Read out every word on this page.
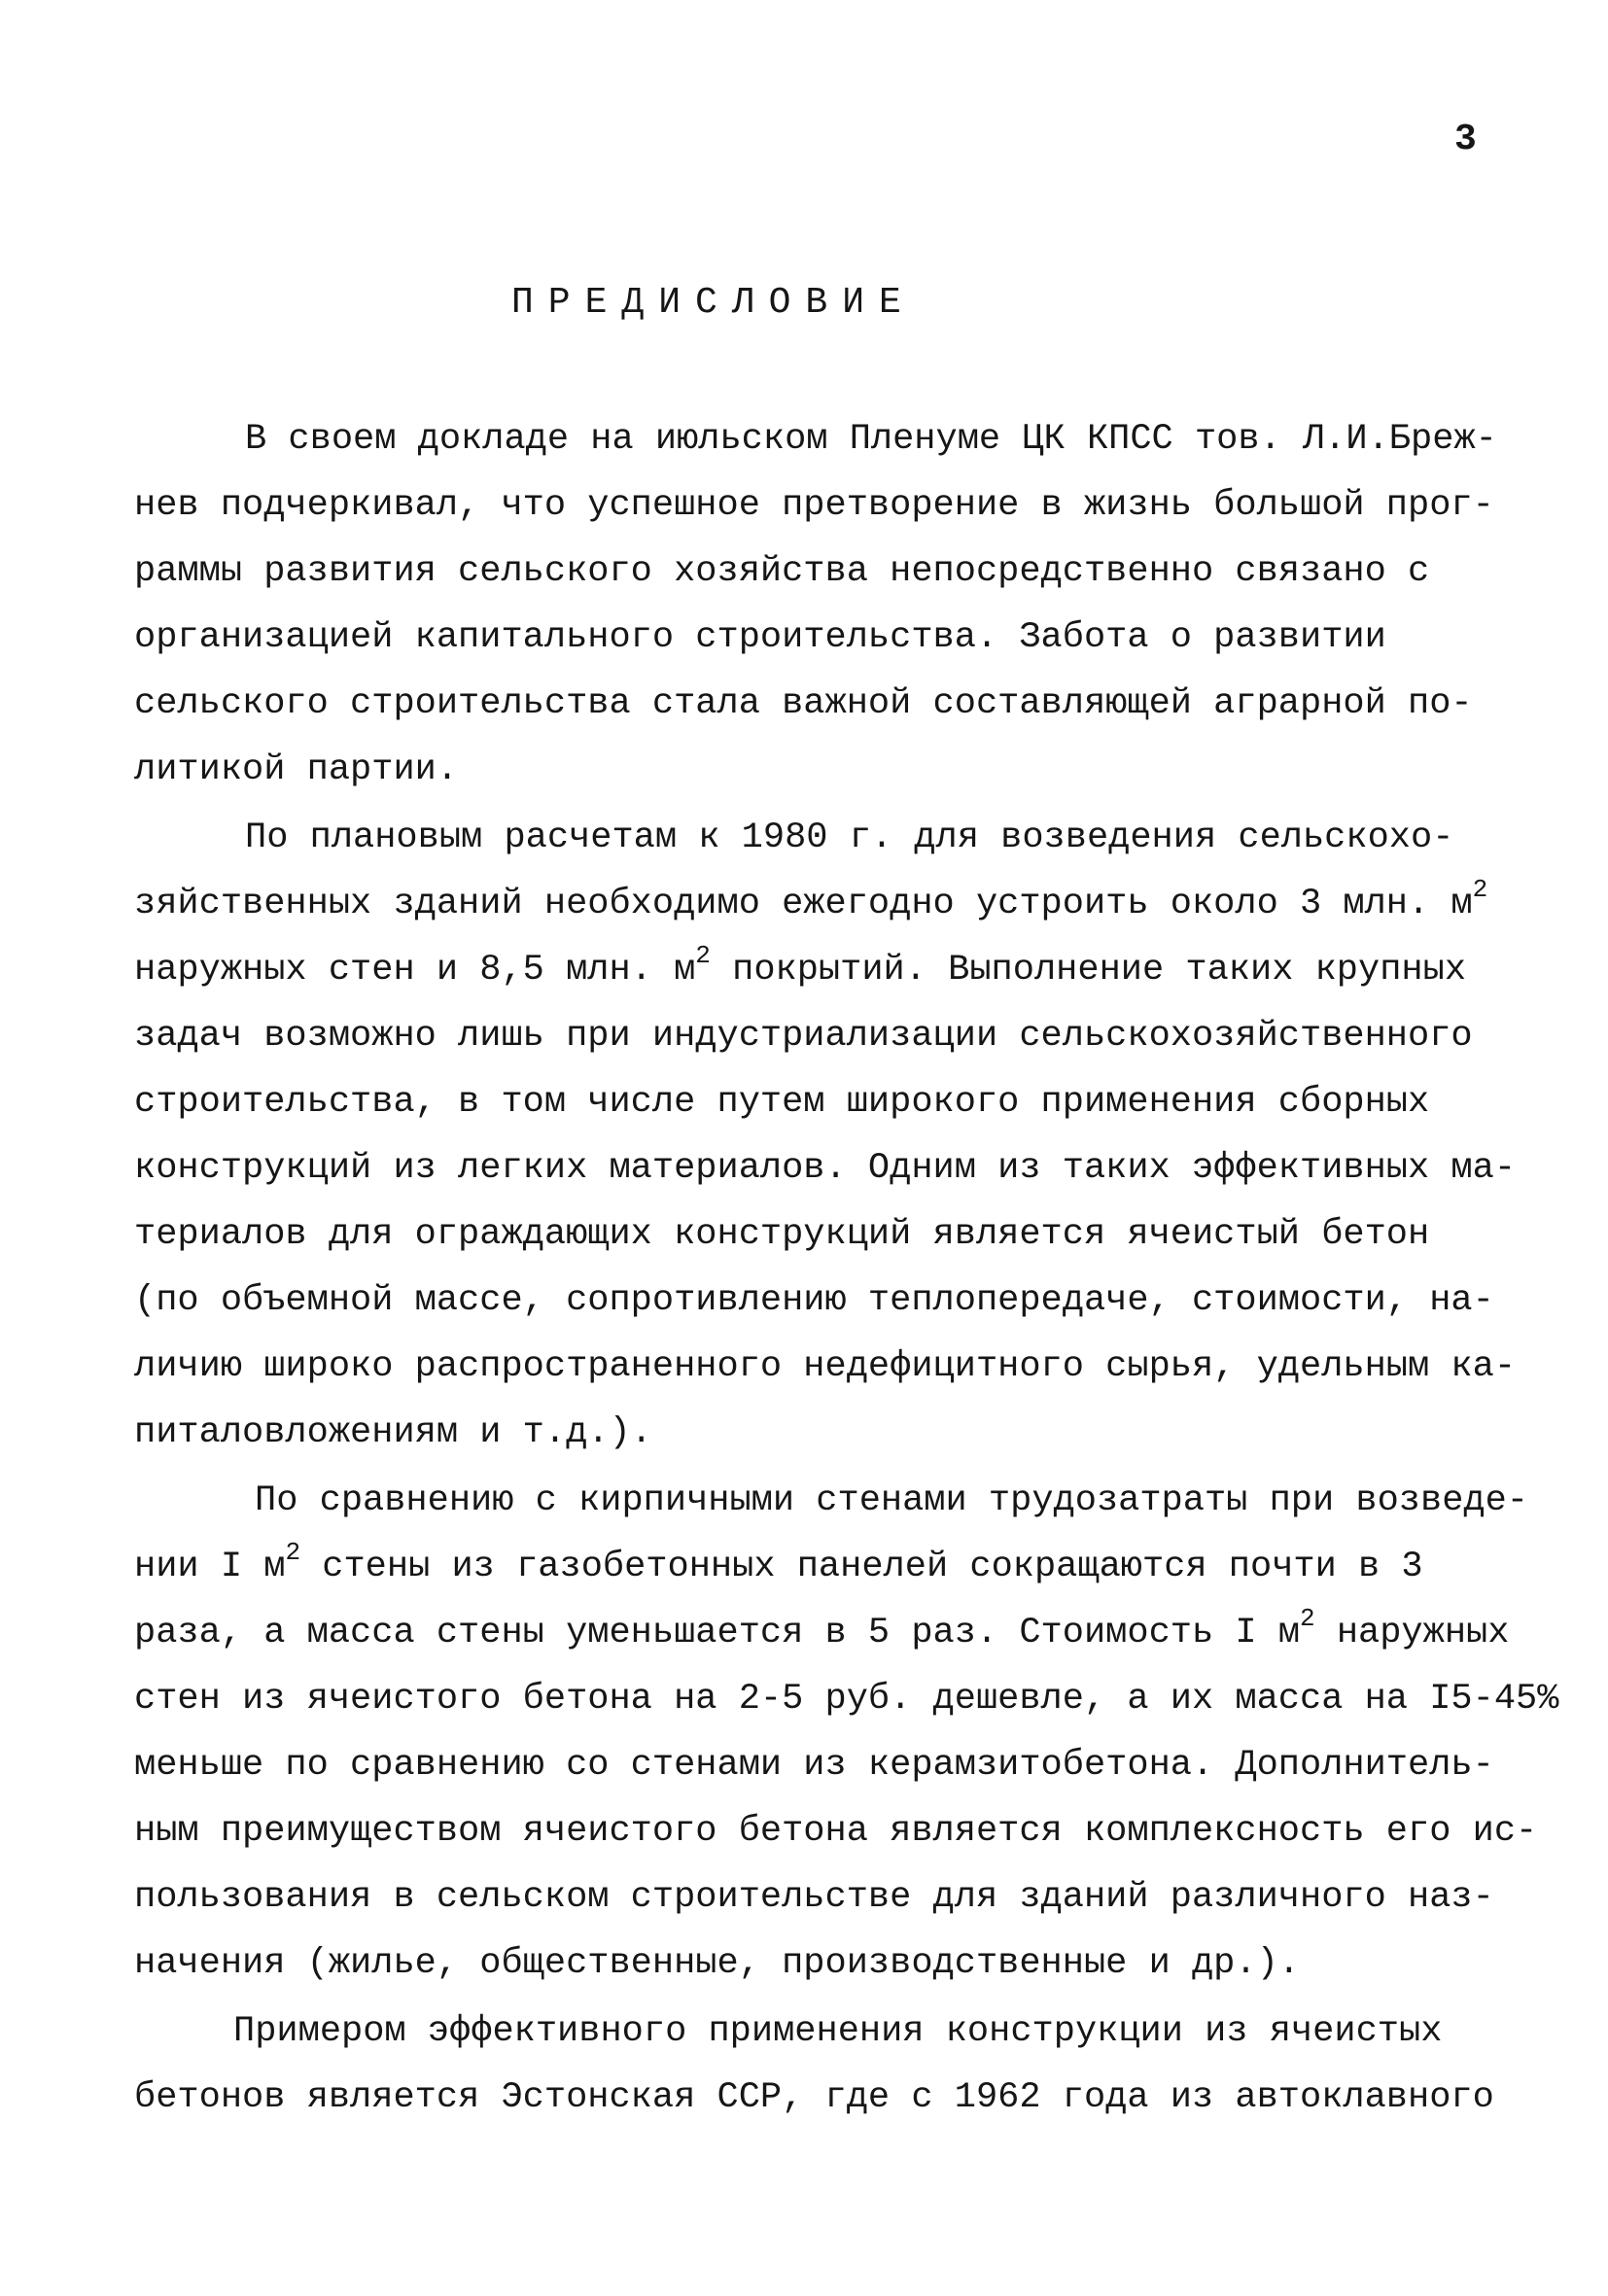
3
ПРЕДИСЛОВИЕ
В своем докладе на июльском Пленуме ЦК КПСС тов. Л.И.Бреж-
нев подчеркивал, что успешное претворение в жизнь большой прог-
раммы развития сельского хозяйства непосредственно связано с
организацией капитального строительства. Забота о развитии
сельского строительства стала важной составляющей аграрной по-
литикой партии.
По плановым расчетам к 1980 г. для возведения сельскохо-
зяйственных зданий необходимо ежегодно устроить около 3 млн. $м^2$
наружных стен и 8,5 млн. $м^2$ покрытий. Выполнение таких крупных
задач возможно лишь при индустриализации сельскохозяйственного
строительства, в том числе путем широкого применения сборных
конструкций из легких материалов. Одним из таких эффективных ма-
териалов для ограждающих конструкций является ячеистый бетон
(по объемной массе, сопротивлению теплопередаче, стоимости, на-
личию широко распространенного недефицитного сырья, удельным ка-
питаловложениям и т.д.).
По сравнению с кирпичными стенами трудозатраты при возведе-
нии I $м^2$ стены из газобетонных панелей сокращаются почти в 3
раза, а масса стены уменьшается в 5 раз. Стоимость I $м^2$ наружных
стен из ячеистого бетона на 2-5 руб. дешевле, а их масса на I5-45%
меньше по сравнению со стенами из керамзитобетона. Дополнитель-
ным преимуществом ячеистого бетона является комплексность его ис-
пользования в сельском строительстве для зданий различного наз-
начения (жилье, общественные, производственные и др.).
Примером эффективного применения конструкции из ячеистых
бетонов является Эстонская ССР, где с 1962 года из автоклавного
